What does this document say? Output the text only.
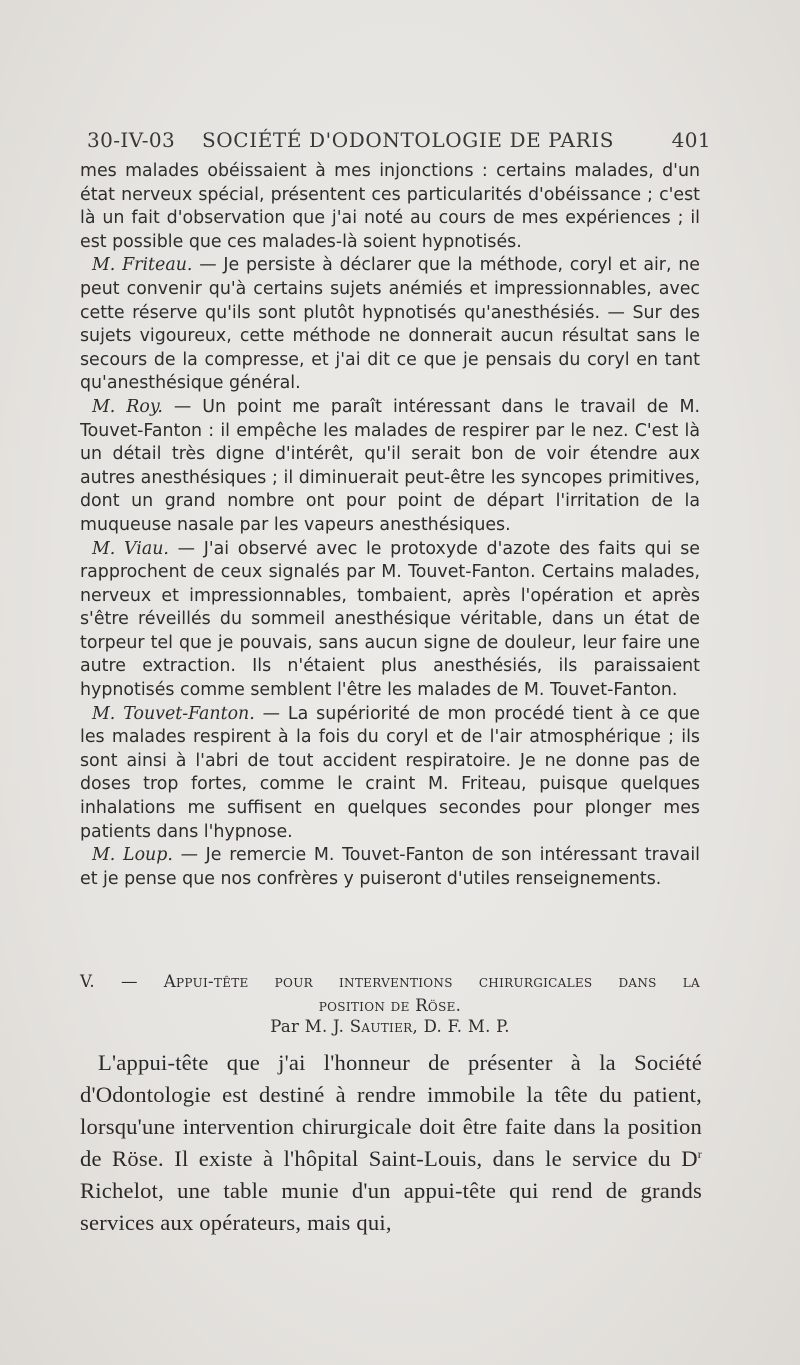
30-IV-03 SOCIÉTÉ D'ODONTOLOGIE DE PARIS	401

mes malades obéissaient à mes injonctions : certains malades, d'un état nerveux spécial, présentent ces particularités d'obéissance ; c'est là un fait d'observation que j'ai noté au cours de mes expériences ; il est possible que ces malades-là soient hypnotisés.

M. Friteau. — Je persiste à déclarer que la méthode, coryl et air, ne peut convenir qu'à certains sujets anémiés et impressionnables, avec cette réserve qu'ils sont plutôt hypnotisés qu'anesthésiés. — Sur des sujets vigoureux, cette méthode ne donnerait aucun résultat sans le secours de la compresse, et j'ai dit ce que je pensais du coryl en tant qu'anesthésique général.

M. Roy. — Un point me paraît intéressant dans le travail de M. Touvet-Fanton : il empêche les malades de respirer par le nez. C'est là un détail très digne d'intérêt, qu'il serait bon de voir étendre aux autres anesthésiques ; il diminuerait peut-être les syncopes primitives, dont un grand nombre ont pour point de départ l'irritation de la muqueuse nasale par les vapeurs anesthésiques.

M. Viau. — J'ai observé avec le protoxyde d'azote des faits qui se rapprochent de ceux signalés par M. Touvet-Fanton. Certains malades, nerveux et impressionnables, tombaient, après l'opération et après s'être réveillés du sommeil anesthésique véritable, dans un état de torpeur tel que je pouvais, sans aucun signe de douleur, leur faire une autre extraction. Ils n'étaient plus anesthésiés, ils paraissaient hypnotisés comme semblent l'être les malades de M. Touvet-Fanton.

M. Touvet-Fanton. — La supériorité de mon procédé tient à ce que les malades respirent à la fois du coryl et de l'air atmosphérique ; ils sont ainsi à l'abri de tout accident respiratoire. Je ne donne pas de doses trop fortes, comme le craint M. Friteau, puisque quelques inhalations me suffisent en quelques secondes pour plonger mes patients dans l'hypnose.

M. Loup. — Je remercie M. Touvet-Fanton de son intéressant travail et je pense que nos confrères y puiseront d'utiles renseignements.

V. — Appui-tête pour interventions chirurgicales dans la
position de Röse.
Par M. J. Sautier, D. F. M. P.

L'appui-tête que j'ai l'honneur de présenter à la Société d'Odontologie est destiné à rendre immobile la tête du patient, lorsqu'une intervention chirurgicale doit être faite dans la position de Röse. Il existe à l'hôpital Saint-Louis, dans le service du $D^r$ Richelot, une table munie d'un appui-tête qui rend de grands services aux opérateurs, mais qui,
